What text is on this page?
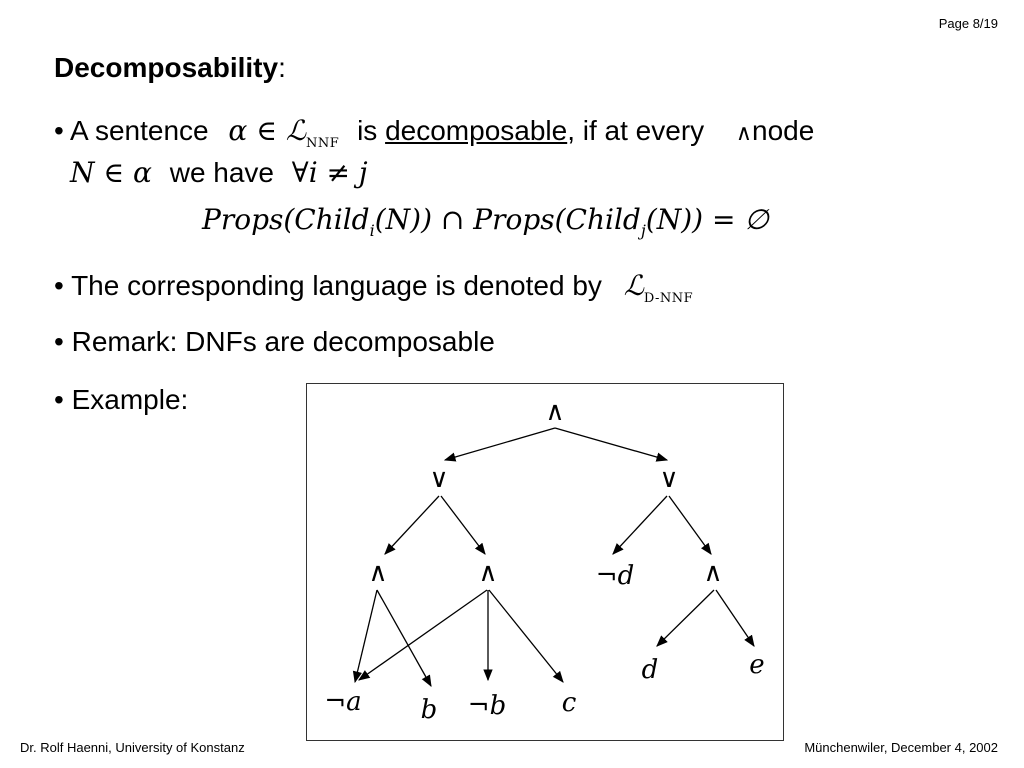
Page 8/19
Decomposability:
• A sentence α ∈ ℒ$_{NNF}$ is decomposable, if at every ∧node
N ∈ α we have ∀i ≠ j
Props(Child$_i$(N)) ∩ Props(Child$_j$(N)) = ∅
• The corresponding language is denoted by ℒ$_{D-NNF}$
• Remark: DNFs are decomposable
• Example:	∧
∨	∨
∧	∧	¬d	∧
¬a b ¬b c
d	e
Dr. Rolf Haenni, University of Konstanz	Münchenwiler, December 4, 2002
